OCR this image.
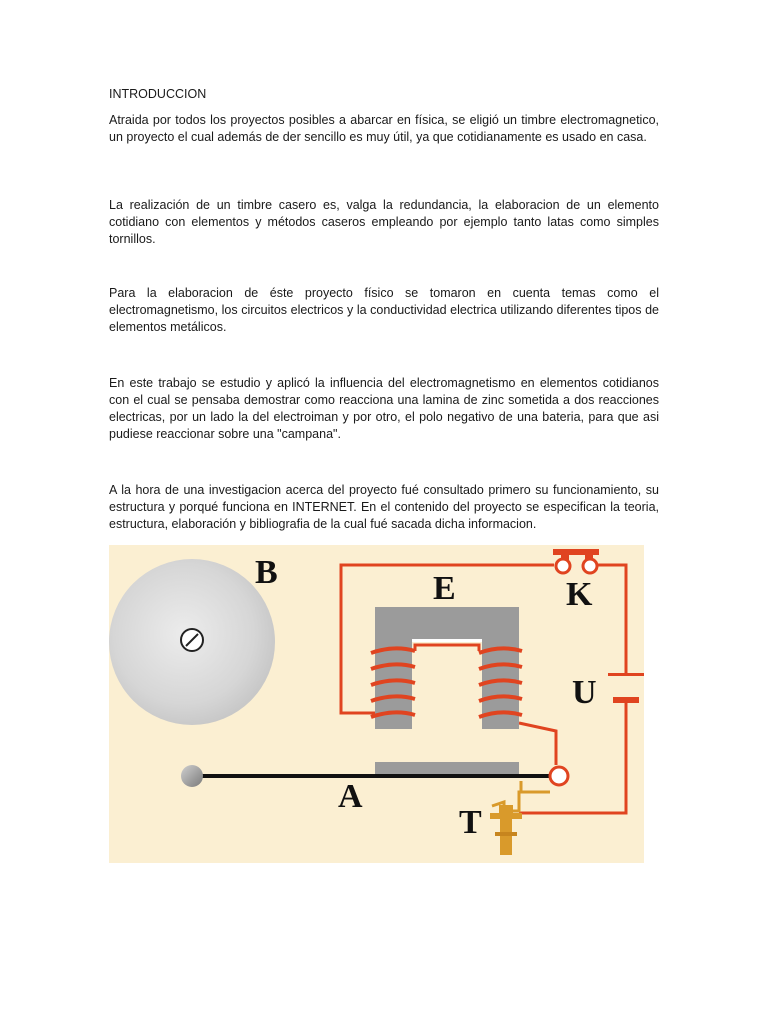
INTRODUCCION

Atraida por todos los proyectos posibles a abarcar en física, se eligió un timbre electromagnetico, un proyecto el cual además de der sencillo es muy útil, ya que cotidianamente es usado en casa.

La realización de un timbre casero es, valga la redundancia, la elaboracion de un elemento cotidiano con elementos y métodos caseros empleando por ejemplo tanto latas como simples tornillos.

Para la elaboracion de éste proyecto físico se tomaron en cuenta temas como el electromagnetismo, los circuitos electricos y la conductividad electrica utilizando diferentes tipos de elementos metálicos.

En este trabajo se estudio y aplicó la influencia del electromagnetismo en elementos cotidianos con el cual se pensaba demostrar como reacciona una lamina de zinc sometida a dos reacciones electricas, por un lado la del electroiman y por otro, el polo negativo de una bateria, para que asi pudiese reaccionar sobre una "campana".

A la hora de una investigacion acerca del proyecto fué consultado primero su funcionamiento, su estructura y porqué funciona en INTERNET. En el contenido del proyecto se especifican la teoria, estructura, elaboración y bibliografia de la cual fué sacada dicha informacion.

B	E	K
U
A
T
